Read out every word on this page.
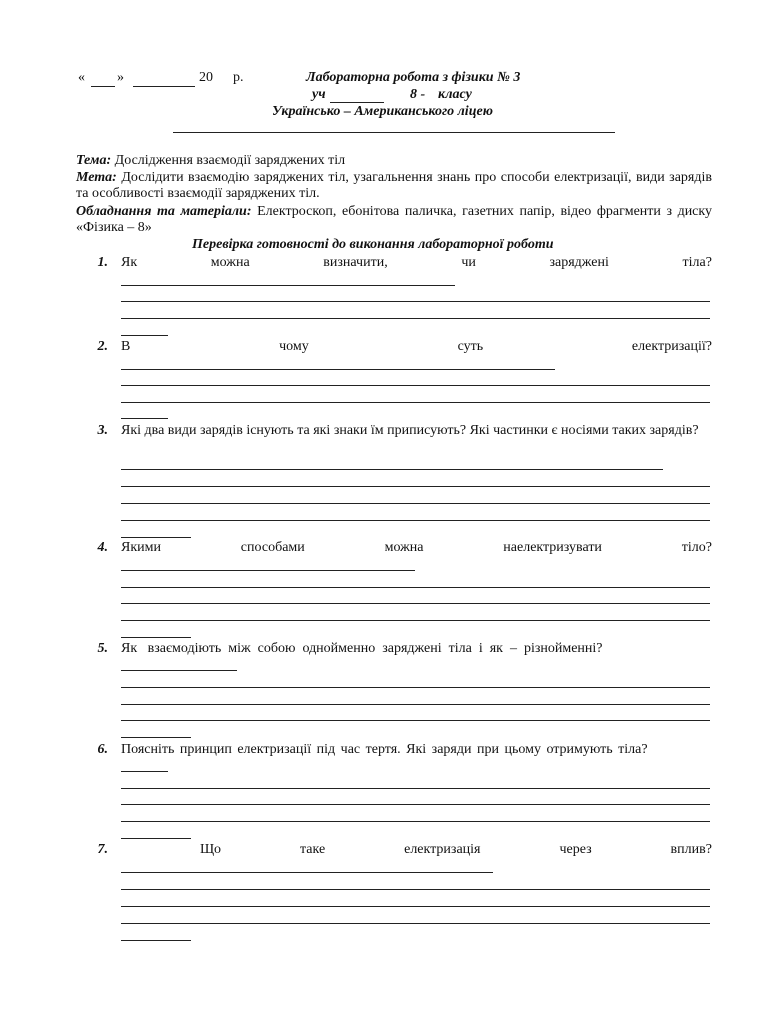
« »	20 р.	Лабораторна робота з фізики № 3
уч	8 - класу
Українсько – Американського ліцею
Тема: Дослідження взаємодії заряджених тіл
Мета: Дослідити взаємодію заряджених тіл, узагальнення знань про способи електризації, види зарядів та особливості взаємодії заряджених тіл.
Обладнання та матеріали: Електроскоп, ебонітова паличка, газетних папір, відео фрагменти з диску «Фізика – 8»
Перевірка готовності до виконання лабораторної роботи
1. Як	можна	визначити,	чи	заряджені	тіла?
2. В	чому	суть	електризації?
3. Які два види зарядів існують та які знаки їм приписують? Які частинки є носіями таких зарядів?
4. Якими	способами	можна	наелектризувати	тіло?
5. Як   взаємодіють  між  собою  однойменно  заряджені  тіла  і  як  –  різнойменні?
6. Поясніть принцип електризації під час тертя. Які заряди при цьому отримують тіла?
7.	Що	таке	електризація	через	вплив?
